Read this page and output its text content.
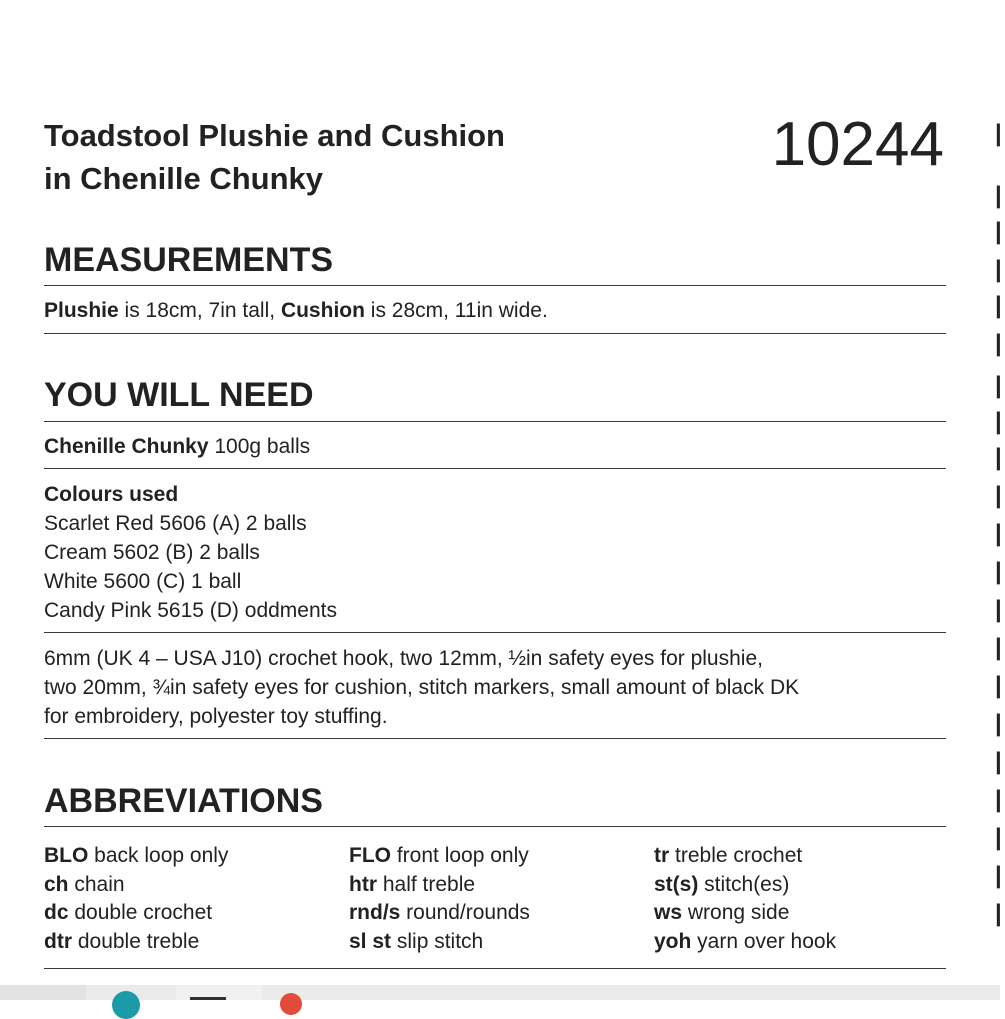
Toadstool Plushie and Cushion
in Chenille Chunky	10244
MEASUREMENTS
Plushie is 18cm, 7in tall, Cushion is 28cm, 11in wide.
YOU WILL NEED
Chenille Chunky 100g balls
Colours used
Scarlet Red 5606 (A) 2 balls
Cream 5602 (B) 2 balls
White 5600 (C) 1 ball
Candy Pink 5615 (D) oddments
6mm (UK 4 – USA J10) crochet hook, two 12mm, ½in safety eyes for plushie,
two 20mm, ¾in safety eyes for cushion, stitch markers, small amount of black DK
for embroidery, polyester toy stuffing.
ABBREVIATIONS
BLO back loop only
ch chain
dc double crochet
dtr double treble
FLO front loop only
htr half treble
rnd/s round/rounds
sl st slip stitch
tr treble crochet
st(s) stitch(es)
ws wrong side
yoh yarn over hook
|
|
|
|
|
|
|
|
|
|
|
|
|
|
|
|
|
|
|
|
|
